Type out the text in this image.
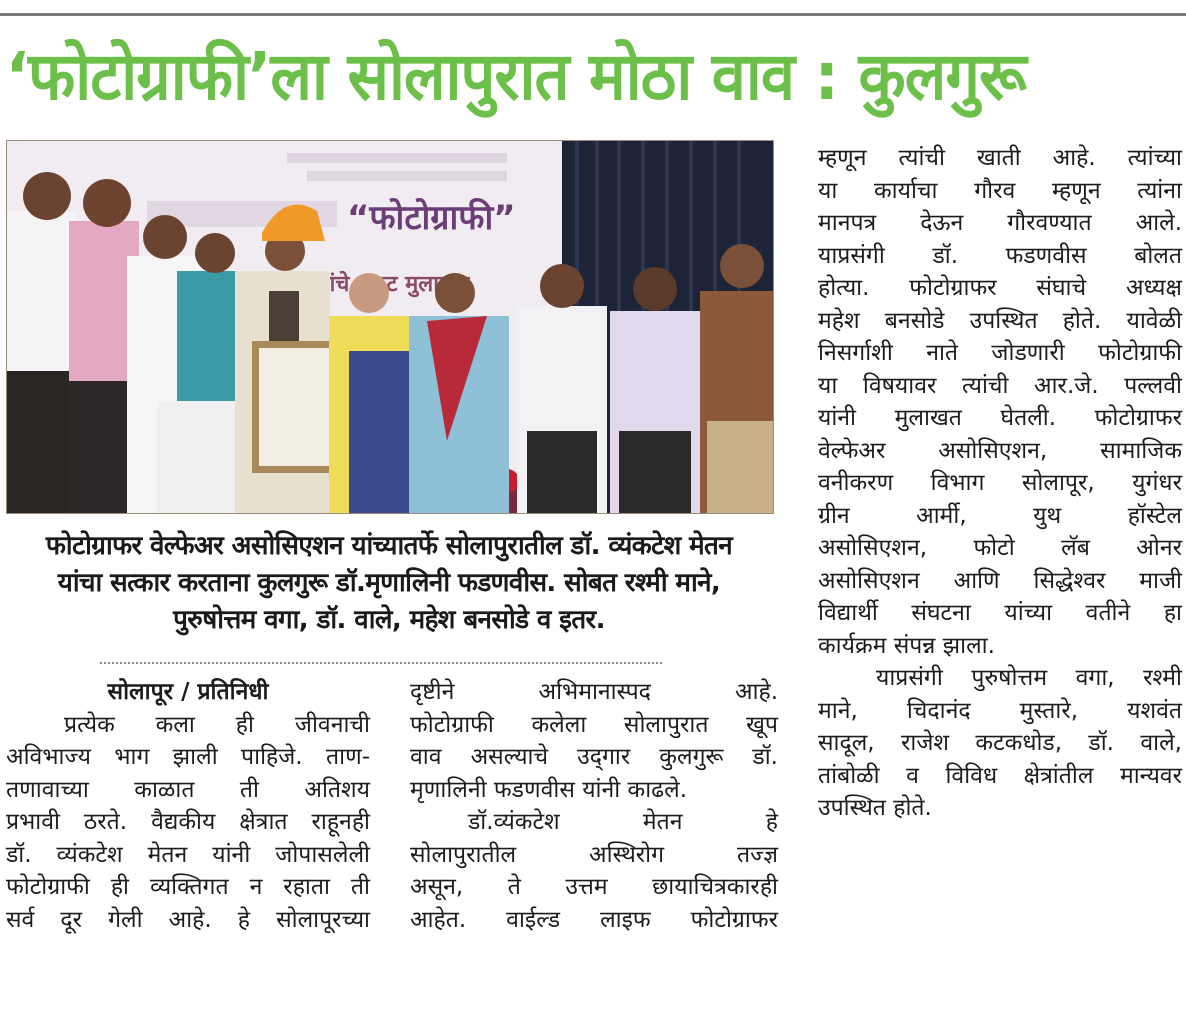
‘फोटोग्राफी’ला सोलापुरात मोठा वाव : कुलगुरू
“फोटोग्राफी”
यांचे
फोटोग्राफर वेल्फेअर असोसिएशन यांच्यातर्फे सोलापुरातील डॉ. व्यंकटेश मेतन
यांचा सत्कार करताना कुलगुरू डॉ.मृणालिनी फडणवीस. सोबत रश्मी माने,
पुरुषोत्तम वगा, डॉ. वाले, महेश बनसोडे व इतर.
सोलापूर / प्रतिनिधी
प्रत्येक कला ही जीवनाची
अविभाज्य भाग झाली पाहिजे. ताण-
तणावाच्या काळात ती अतिशय
प्रभावी ठरते. वैद्यकीय क्षेत्रात राहूनही
डॉ. व्यंकटेश मेतन यांनी जोपासलेली
फोटोग्राफी ही व्यक्तिगत न रहाता ती
सर्व दूर गेली आहे. हे सोलापूरच्या
दृष्टीने अभिमानास्पद आहे.
फोटोग्राफी कलेला सोलापुरात खूप
वाव असल्याचे उद्‌गार कुलगुरू डॉ.
मृणालिनी फडणवीस यांनी काढले.
डॉ.व्यंकटेश मेतन हे
सोलापुरातील अस्थिरोग तज्ज्ञ
असून, ते उत्तम छायाचित्रकारही
आहेत. वाईल्ड लाइफ फोटोग्राफर
म्हणून त्यांची खाती आहे. त्यांच्या
या कार्याचा गौरव म्हणून त्यांना
मानपत्र देऊन गौरवण्यात आले.
याप्रसंगी डॉ. फडणवीस बोलत
होत्या. फोटोग्राफर संघाचे अध्यक्ष
महेश बनसोडे उपस्थित होते. यावेळी
निसर्गाशी नाते जोडणारी फोटोग्राफी
या विषयावर त्यांची आर.जे. पल्लवी
यांनी मुलाखत घेतली. फोटोग्राफर
वेल्फेअर असोसिएशन, सामाजिक
वनीकरण विभाग सोलापूर, युगंधर
ग्रीन आर्मी, युथ हॉस्टेल
असोसिएशन, फोटो लॅब ओनर
असोसिएशन आणि सिद्धेश्वर माजी
विद्यार्थी संघटना यांच्या वतीने हा
कार्यक्रम संपन्न झाला.
याप्रसंगी पुरुषोत्तम वगा, रश्मी
माने, चिदानंद मुस्तारे, यशवंत
सादूल, राजेश कटकधोड, डॉ. वाले,
तांबोळी व विविध क्षेत्रांतील मान्यवर
उपस्थित होते.
